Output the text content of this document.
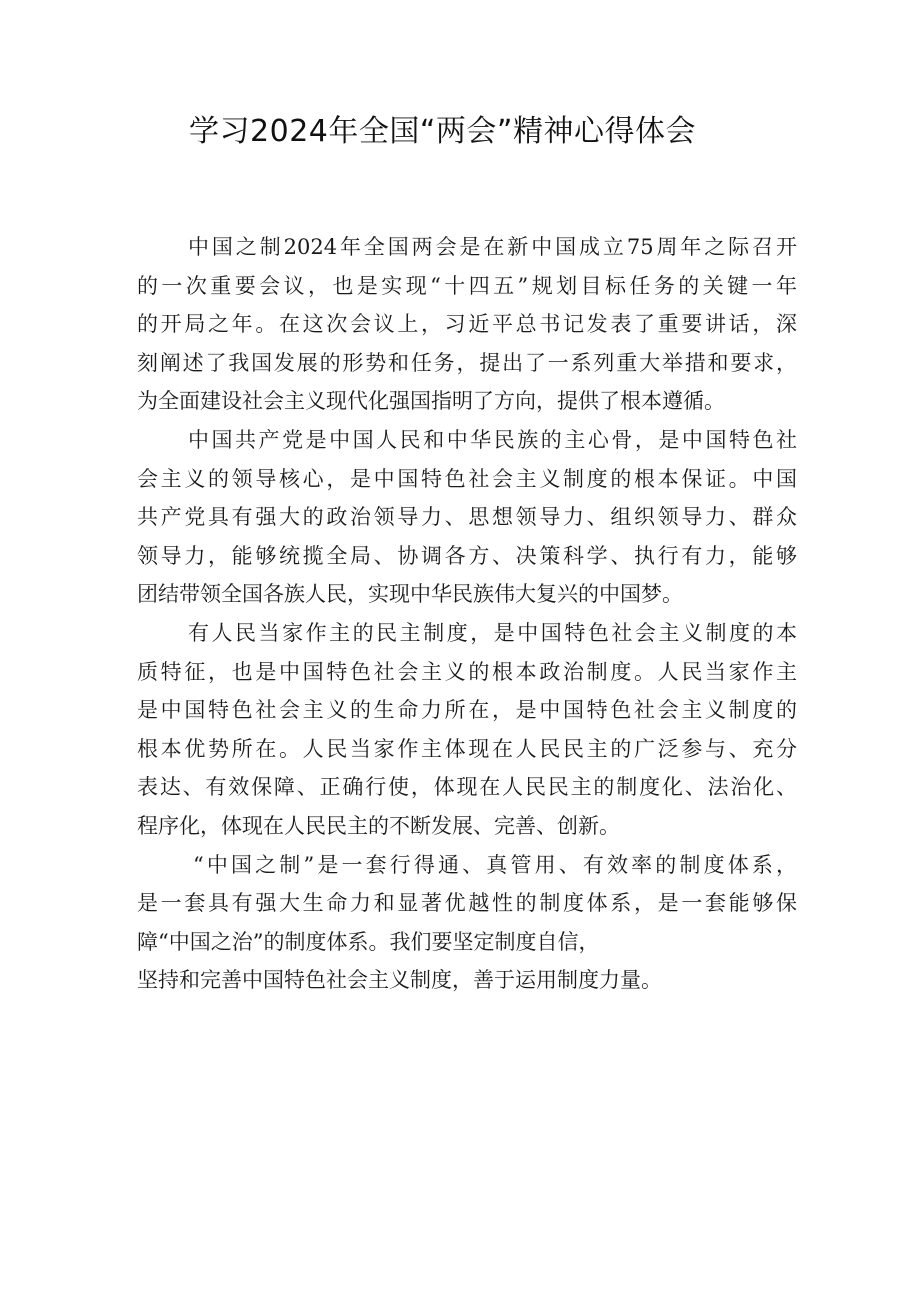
学习2024年全国“两会”精神心得体会
中国之制2024年全国两会是在新中国成立75周年之际召开
的一次重要会议，也是实现“十四五”规划目标任务的关键一年
的开局之年。在这次会议上，习近平总书记发表了重要讲话，深
刻阐述了我国发展的形势和任务，提出了一系列重大举措和要求，
为全面建设社会主义现代化强国指明了方向，提供了根本遵循。
中国共产党是中国人民和中华民族的主心骨，是中国特色社
会主义的领导核心，是中国特色社会主义制度的根本保证。中国
共产党具有强大的政治领导力、思想领导力、组织领导力、群众
领导力，能够统揽全局、协调各方、决策科学、执行有力，能够
团结带领全国各族人民，实现中华民族伟大复兴的中国梦。
有人民当家作主的民主制度，是中国特色社会主义制度的本
质特征，也是中国特色社会主义的根本政治制度。人民当家作主
是中国特色社会主义的生命力所在，是中国特色社会主义制度的
根本优势所在。人民当家作主体现在人民民主的广泛参与、充分
表达、有效保障、正确行使，体现在人民民主的制度化、法治化、
程序化，体现在人民民主的不断发展、完善、创新。
“中国之制”是一套行得通、真管用、有效率的制度体系，
是一套具有强大生命力和显著优越性的制度体系，是一套能够保
障“中国之治”的制度体系。我们要坚定制度自信，
坚持和完善中国特色社会主义制度，善于运用制度力量。
